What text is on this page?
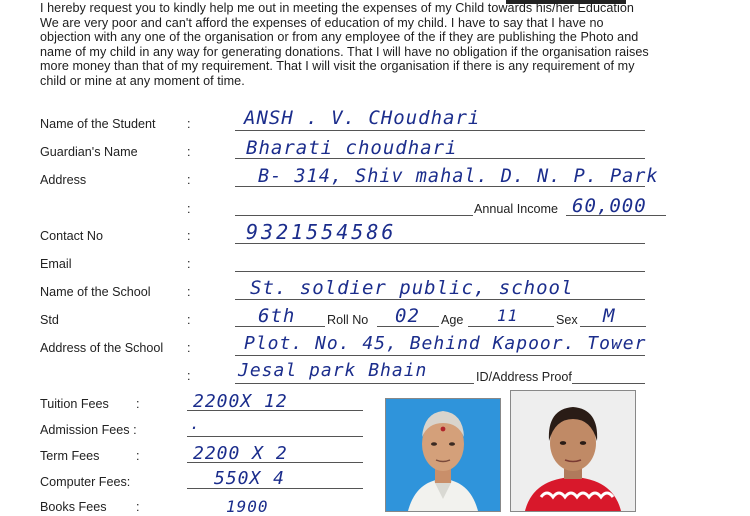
I hereby request you to kindly help me out in meeting the expenses of my Child towards his/her Education
We are very poor and can't afford the expenses of education of my child. I have to say that I have no
objection with any one of the organisation or from any employee of the if they are publishing the Photo and
name of my child in any way for generating donations. That I will have no obligation if the organisation raises
more money than that of my requirement. That I will visit the organisation if there is any requirement of my
child or mine at any moment of time.
Name of the Student :	ANSH . V. CHoudhari
Guardian's Name	:	Bharati choudhari
Address	:	B- 314, Shiv mahal. D. N. P. Park
:	Annual Income 60,000
Contact No	:	9321554586
Email	:
Name of the School	:	St. soldier public, school
Std	:	6th	Roll No 02 Age 11	Sex M
Address of the School :	Plot. No. 45, Behind Kapoor. Tower
:	Jesal park Bhain	ID/Address Proof
Tuition Fees :	2200X 12
Admission Fees :	.
Term Fees	:	2200 X 2
Computer Fees:	550X 4
Books Fees :	1900
